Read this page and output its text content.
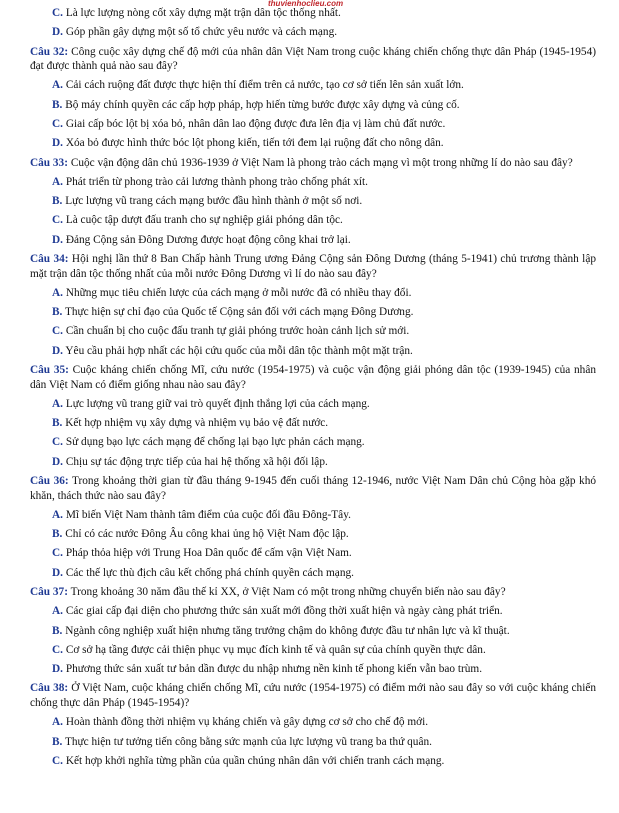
thuvienhoclieu.com
C. Là lực lượng nòng cốt xây dựng mặt trận dân tộc thống nhất.
D. Góp phần gây dựng một số tổ chức yêu nước và cách mạng.
Câu 32: Công cuộc xây dựng chế độ mới của nhân dân Việt Nam trong cuộc kháng chiến chống thực dân Pháp (1945-1954) đạt được thành quả nào sau đây?
A. Cải cách ruộng đất được thực hiện thí điểm trên cả nước, tạo cơ sở tiến lên sản xuất lớn.
B. Bộ máy chính quyền các cấp hợp pháp, hợp hiến từng bước được xây dựng và củng cố.
C. Giai cấp bóc lột bị xóa bỏ, nhân dân lao động được đưa lên địa vị làm chủ đất nước.
D. Xóa bỏ được hình thức bóc lột phong kiến, tiến tới đem lại ruộng đất cho nông dân.
Câu 33: Cuộc vận động dân chủ 1936-1939 ở Việt Nam là phong trào cách mạng vì một trong những lí do nào sau đây?
A. Phát triển từ phong trào cải lương thành phong trào chống phát xít.
B. Lực lượng vũ trang cách mạng bước đầu hình thành ở một số nơi.
C. Là cuộc tập dượt đấu tranh cho sự nghiệp giải phóng dân tộc.
D. Đảng Cộng sản Đông Dương được hoạt động công khai trở lại.
Câu 34: Hội nghị lần thứ 8 Ban Chấp hành Trung ương Đảng Cộng sản Đông Dương (tháng 5-1941) chủ trương thành lập mặt trận dân tộc thống nhất của mỗi nước Đông Dương vì lí do nào sau đây?
A. Những mục tiêu chiến lược của cách mạng ở mỗi nước đã có nhiều thay đổi.
B. Thực hiện sự chỉ đạo của Quốc tế Cộng sản đối với cách mạng Đông Dương.
C. Cần chuẩn bị cho cuộc đấu tranh tự giải phóng trước hoàn cảnh lịch sử mới.
D. Yêu cầu phải hợp nhất các hội cứu quốc của mỗi dân tộc thành một mặt trận.
Câu 35: Cuộc kháng chiến chống Mĩ, cứu nước (1954-1975) và cuộc vận động giải phóng dân tộc (1939-1945) của nhân dân Việt Nam có điểm giống nhau nào sau đây?
A. Lực lượng vũ trang giữ vai trò quyết định thắng lợi của cách mạng.
B. Kết hợp nhiệm vụ xây dựng và nhiệm vụ bảo vệ đất nước.
C. Sử dụng bạo lực cách mạng để chống lại bạo lực phản cách mạng.
D. Chịu sự tác động trực tiếp của hai hệ thống xã hội đối lập.
Câu 36: Trong khoảng thời gian từ đầu tháng 9-1945 đến cuối tháng 12-1946, nước Việt Nam Dân chủ Cộng hòa gặp khó khăn, thách thức nào sau đây?
A. Mĩ biến Việt Nam thành tâm điểm của cuộc đối đầu Đông-Tây.
B. Chỉ có các nước Đông Âu công khai ủng hộ Việt Nam độc lập.
C. Pháp thỏa hiệp với Trung Hoa Dân quốc để cấm vận Việt Nam.
D. Các thế lực thù địch câu kết chống phá chính quyền cách mạng.
Câu 37: Trong khoảng 30 năm đầu thế kỉ XX, ở Việt Nam có một trong những chuyển biến nào sau đây?
A. Các giai cấp đại diện cho phương thức sản xuất mới đồng thời xuất hiện và ngày càng phát triển.
B. Ngành công nghiệp xuất hiện nhưng tăng trưởng chậm do không được đầu tư nhân lực và kĩ thuật.
C. Cơ sở hạ tầng được cải thiện phục vụ mục đích kinh tế và quân sự của chính quyền thực dân.
D. Phương thức sản xuất tư bản dần được du nhập nhưng nền kinh tế phong kiến vẫn bao trùm.
Câu 38: Ở Việt Nam, cuộc kháng chiến chống Mĩ, cứu nước (1954-1975) có điểm mới nào sau đây so với cuộc kháng chiến chống thực dân Pháp (1945-1954)?
A. Hoàn thành đồng thời nhiệm vụ kháng chiến và gây dựng cơ sở cho chế độ mới.
B. Thực hiện tư tưởng tiến công bằng sức mạnh của lực lượng vũ trang ba thứ quân.
C. Kết hợp khởi nghĩa từng phần của quần chúng nhân dân với chiến tranh cách mạng.
